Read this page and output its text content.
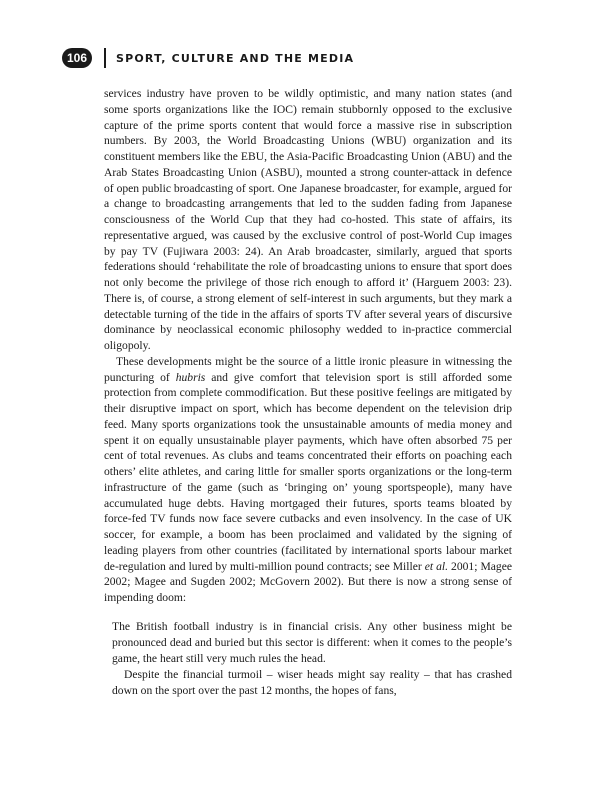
106	SPORT, CULTURE AND THE MEDIA

services industry have proven to be wildly optimistic, and many nation states (and some sports organizations like the IOC) remain stubbornly opposed to the exclusive capture of the prime sports content that would force a massive rise in subscription numbers. By 2003, the World Broadcasting Unions (WBU) organization and its constituent members like the EBU, the Asia-Pacific Broadcasting Union (ABU) and the Arab States Broadcasting Union (ASBU), mounted a strong counter-attack in defence of open public broadcasting of sport. One Japanese broadcaster, for example, argued for a change to broadcasting arrangements that led to the sudden fading from Japanese consciousness of the World Cup that they had co-hosted. This state of affairs, its representative argued, was caused by the exclusive control of post-World Cup images by pay TV (Fujiwara 2003: 24). An Arab broadcaster, similarly, argued that sports federations should ‘rehabilitate the role of broadcasting unions to ensure that sport does not only become the privilege of those rich enough to afford it’ (Harguem 2003: 23). There is, of course, a strong element of self-interest in such arguments, but they mark a detectable turning of the tide in the affairs of sports TV after several years of discursive dominance by neoclassical economic philosophy wedded to in-practice commercial oligopoly.

These developments might be the source of a little ironic pleasure in witnessing the puncturing of hubris and give comfort that television sport is still afforded some protection from complete commodification. But these positive feelings are mitigated by their disruptive impact on sport, which has become dependent on the television drip feed. Many sports organizations took the unsustainable amounts of media money and spent it on equally unsustainable player payments, which have often absorbed 75 per cent of total revenues. As clubs and teams concentrated their efforts on poaching each others’ elite athletes, and caring little for smaller sports organizations or the long-term infrastructure of the game (such as ‘bringing on’ young sportspeople), many have accumulated huge debts. Having mortgaged their futures, sports teams bloated by force-fed TV funds now face severe cutbacks and even insolvency. In the case of UK soccer, for example, a boom has been proclaimed and validated by the signing of leading players from other countries (facilitated by international sports labour market de-regulation and lured by multi-million pound contracts; see Miller et al. 2001; Magee 2002; Magee and Sugden 2002; McGovern 2002). But there is now a strong sense of impending doom:

The British football industry is in financial crisis. Any other business might be pronounced dead and buried but this sector is different: when it comes to the people’s game, the heart still very much rules the head.

Despite the financial turmoil – wiser heads might say reality – that has crashed down on the sport over the past 12 months, the hopes of fans,
